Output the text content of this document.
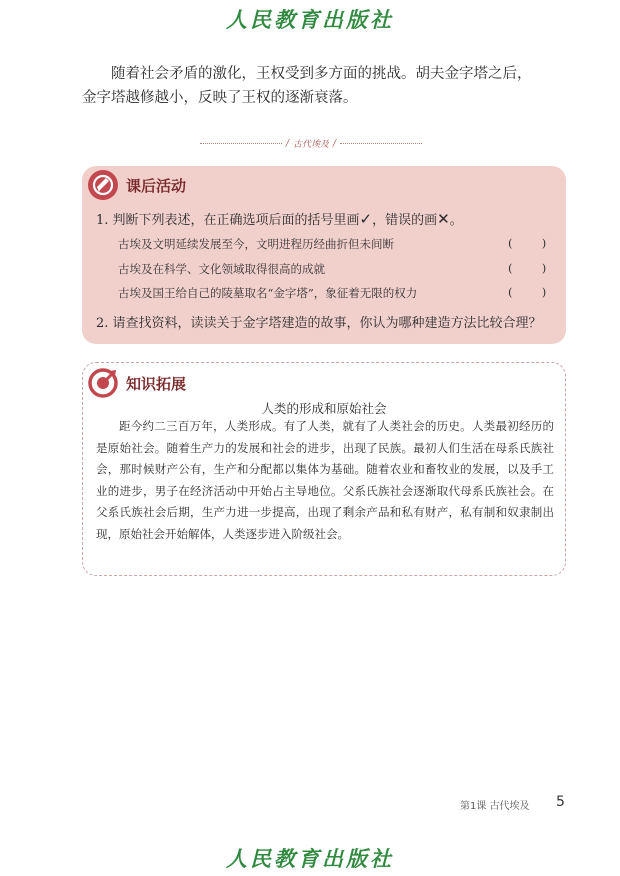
人民教育出版社

随着社会矛盾的激化，王权受到多方面的挑战。胡夫金字塔之后，金字塔越修越小，反映了王权的逐渐衰落。

/ 古代埃及 /
课后活动
1. 判断下列表述，在正确选项后面的括号里画✓，错误的画✕。
古埃及文明延续发展至今，文明进程历经曲折但未间断	(        )
古埃及在科学、文化领域取得很高的成就	(        )
古埃及国王给自己的陵墓取名“金字塔”，象征着无限的权力	(        )
2. 请查找资料，读读关于金字塔建造的故事，你认为哪种建造方法比较合理？
知识拓展
人类的形成和原始社会

距今约二三百万年，人类形成。有了人类，就有了人类社会的历史。人类最初经历的是原始社会。随着生产力的发展和社会的进步，出现了民族。最初人们生活在母系氏族社会，那时候财产公有，生产和分配都以集体为基础。随着农业和畜牧业的发展，以及手工业的进步，男子在经济活动中开始占主导地位。父系氏族社会逐渐取代母系氏族社会。在父系氏族社会后期，生产力进一步提高，出现了剩余产品和私有财产，私有制和奴隶制出现，原始社会开始解体，人类逐步进入阶级社会。

第1课 古代埃及 5
人民教育出版社
